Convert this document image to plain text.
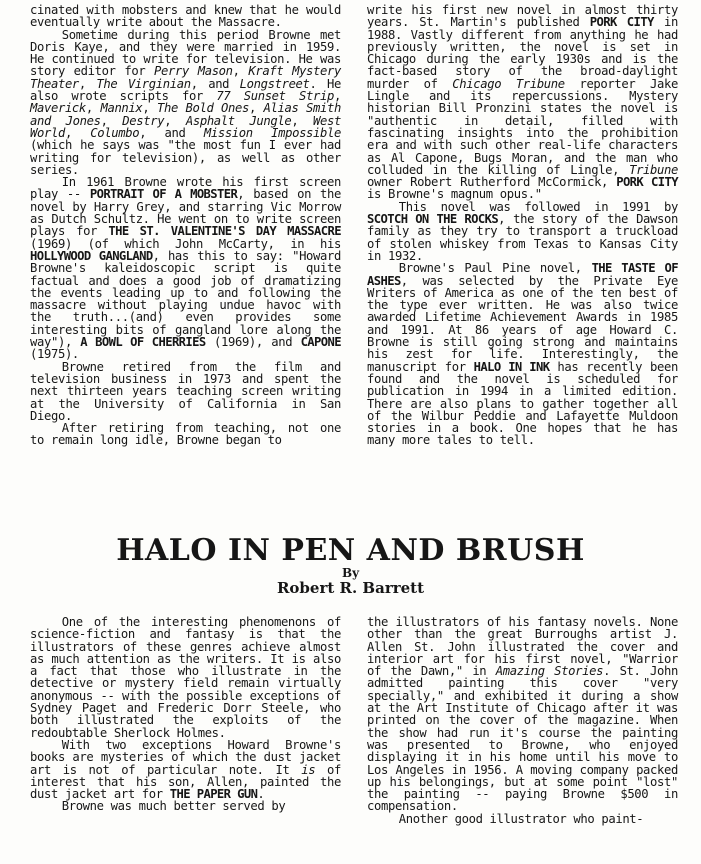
cinated with mobsters and knew that he would eventually write about the Massacre.

Sometime during this period Browne met Doris Kaye, and they were married in 1959. He continued to write for television. He was story editor for Perry Mason, Kraft Mystery Theater, The Virginian, and Longstreet. He also wrote scripts for 77 Sunset Strip, Maverick, Mannix, The Bold Ones, Alias Smith and Jones, Destry, Asphalt Jungle, West World, Columbo, and Mission Impossible (which he says was "the most fun I ever had writing for television), as well as other series.

In 1961 Browne wrote his first screen play -- PORTRAIT OF A MOBSTER, based on the novel by Harry Grey, and starring Vic Morrow as Dutch Schultz. He went on to write screen plays for THE ST. VALENTINE'S DAY MASSACRE (1969) (of which John McCarty, in his HOLLYWOOD GANGLAND, has this to say: "Howard Browne's kaleidoscopic script is quite factual and does a good job of dramatizing the events leading up to and following the massacre without playing undue havoc with the truth...(and) even provides some interesting bits of gangland lore along the way"), A BOWL OF CHERRIES (1969), and CAPONE (1975).

Browne retired from the film and television business in 1973 and spent the next thirteen years teaching screen writing at the University of California in San Diego.

After retiring from teaching, not one to remain long idle, Browne began to

write his first new novel in almost thirty years. St. Martin's published PORK CITY in 1988. Vastly different from anything he had previously written, the novel is set in Chicago during the early 1930s and is the fact-based story of the broad-daylight murder of Chicago Tribune reporter Jake Lingle and its repercussions. Mystery historian Bill Pronzini states the novel is "authentic in detail, filled with fascinating insights into the prohibition era and with such other real-life characters as Al Capone, Bugs Moran, and the man who colluded in the killing of Lingle, Tribune owner Robert Rutherford McCormick, PORK CITY is Browne's magnum opus."

This novel was followed in 1991 by SCOTCH ON THE ROCKS, the story of the Dawson family as they try to transport a truckload of stolen whiskey from Texas to Kansas City in 1932.

Browne's Paul Pine novel, THE TASTE OF ASHES, was selected by the Private Eye Writers of America as one of the ten best of the type ever written. He was also twice awarded Lifetime Achievement Awards in 1985 and 1991. At 86 years of age Howard C. Browne is still going strong and maintains his zest for life. Interestingly, the manuscript for HALO IN INK has recently been found and the novel is scheduled for publication in 1994 in a limited edition. There are also plans to gather together all of the Wilbur Peddie and Lafayette Muldoon stories in a book. One hopes that he has many more tales to tell.

HALO IN PEN AND BRUSH
By
Robert R. Barrett

One of the interesting phenomenons of science-fiction and fantasy is that the illustrators of these genres achieve almost as much attention as the writers. It is also a fact that those who illustrate in the detective or mystery field remain virtually anonymous -- with the possible exceptions of Sydney Paget and Frederic Dorr Steele, who both illustrated the exploits of the redoubtable Sherlock Holmes.

With two exceptions Howard Browne's books are mysteries of which the dust jacket art is not of particular note. It is of interest that his son, Allen, painted the dust jacket art for THE PAPER GUN.

Browne was much better served by

the illustrators of his fantasy novels. None other than the great Burroughs artist J. Allen St. John illustrated the cover and interior art for his first novel, "Warrior of the Dawn," in Amazing Stories. St. John admitted painting this cover "very specially," and exhibited it during a show at the Art Institute of Chicago after it was printed on the cover of the magazine. When the show had run it's course the painting was presented to Browne, who enjoyed displaying it in his home until his move to Los Angeles in 1956. A moving company packed up his belongings, but at some point "lost" the painting -- paying Browne $500 in compensation.

Another good illustrator who paint-
